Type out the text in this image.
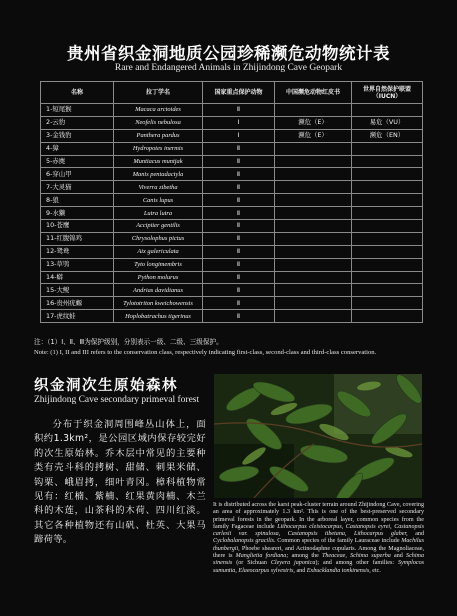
贵州省织金洞地质公园珍稀濒危动物统计表
Rare and Endangered Animals in Zhijindong Cave Geopark
名称	拉丁学名	国家重点保护动物	中国濒危动物红皮书	世界自然保护联盟
（IUCN）
1-短尾猴	Macaca arctoides	Ⅱ		
2-云豹	Neofelis nebulosa	Ⅰ	濒危（E）	易危（VU）
3-金钱豹	Panthera pardus	Ⅰ	濒危（E）	濒危（EN）
4-獐	Hydropotes inermis	Ⅱ		
5-赤麂	Muntiacus muntjak	Ⅱ		
6-穿山甲	Manis pentadactyla	Ⅱ		
7-大灵猫	Viverra zibetha	Ⅱ		
8-狼	Canis lupus	Ⅱ		
9-水獭	Lutra lutra	Ⅱ		
10-苍鹰	Accipiter gentilis	Ⅱ		
11-红腹锦鸡	Chrysolophus pictus	Ⅱ		
12-鸳鸯	Aix galericulata	Ⅱ		
13-草鸮	Tyto longimembris	Ⅱ		
14-蟒	Python molurus	Ⅱ		
15-大鲵	Andrias davidianus	Ⅱ		
16-贵州疣螈	Tylototriton kweichowensis	Ⅱ		
17-虎纹蛙	Hoplobatrachus tigerinus	Ⅱ		
注：（1）Ⅰ、Ⅱ、Ⅲ为保护级别，分别表示一级、二级、三级保护。
Note: (1) I, II and III refers to the conservation class, respectively indicating first-class, second-class and third-class conservation.
织金洞次生原始森林
Zhijindong Cave secondary primeval forest
分布于织金洞周围峰丛山体上，面积约1.3km²，是公园区域内保存较完好的次生原始林。乔木层中常见的主要种类有壳斗科的拷树、甜储、刺果米储、钩栗、峨眉拷，细叶青冈。樟科植物常见有：红楠、紫楠、红果黄肉楠、木兰科的木莲，山茶科的木荷、四川红淡。其它各种植物还有山矾、杜英、大果马蹄荷等。
It is distributed across the karst peak-cluster terrain around Zhijindong Cave, covering an area of approximately 1.3 km². This is one of the best-preserved secondary primeval forests in the geopark. In the arboreal layer, common species from the family Fagaceae include Lithocarpus cleistocarpus, Castanopsis eyrei, Castanopsis carlesii var. spinulosa, Castanopsis tibetana, Lithocarpus glaber, and Cyclobalanopsis gracilis. Common species of the family Lauraceae include Machilus thunbergii, Phoebe sheareri, and Actinodaphne cupularis. Among the Magnoliaceae, there is Manglietia fordiana; among the Theaceae, Schima superba and Schima sinensis (or Sichuan Cleyera japonica); and among other families: Symplocos sumuntia, Elaeocarpus sylvestris, and Exbucklandia tonkinensis, etc.
